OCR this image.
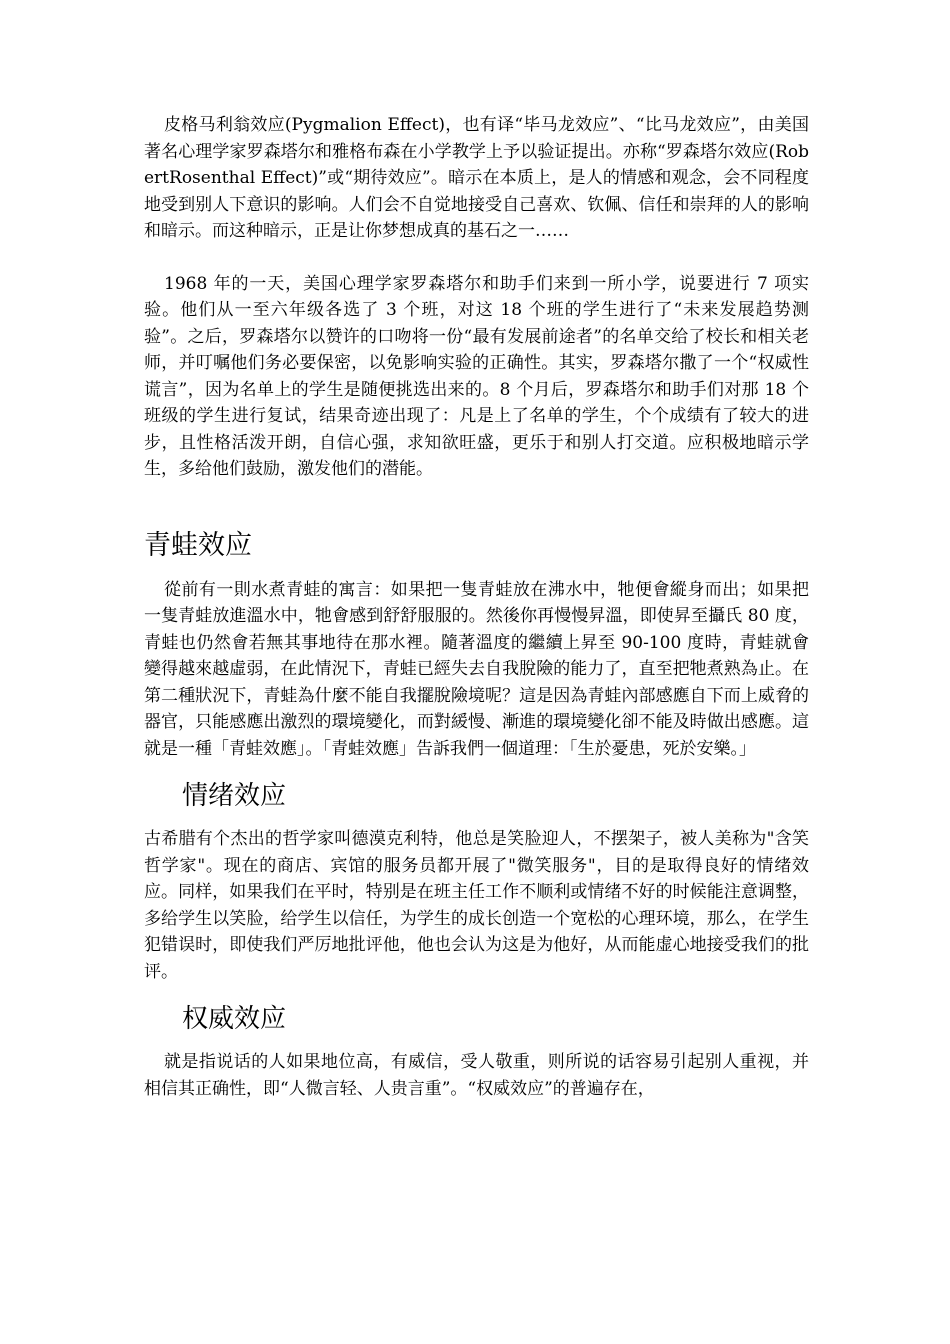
皮格马利翁效应(Pygmalion Effect)，也有译“毕马龙效应”、“比马龙效应”，由美国著名心理学家罗森塔尔和雅格布森在小学教学上予以验证提出。亦称“罗森塔尔效应(RobertRosenthal Effect)”或“期待效应”。暗示在本质上，是人的情感和观念，会不同程度地受到别人下意识的影响。人们会不自觉地接受自己喜欢、钦佩、信任和崇拜的人的影响和暗示。而这种暗示，正是让你梦想成真的基石之一……

1968 年的一天，美国心理学家罗森塔尔和助手们来到一所小学，说要进行 7 项实验。他们从一至六年级各选了 3 个班，对这 18 个班的学生进行了“未来发展趋势测验”。之后，罗森塔尔以赞许的口吻将一份“最有发展前途者”的名单交给了校长和相关老师，并叮嘱他们务必要保密，以免影响实验的正确性。其实，罗森塔尔撒了一个“权威性谎言”，因为名单上的学生是随便挑选出来的。8 个月后，罗森塔尔和助手们对那 18 个班级的学生进行复试，结果奇迹出现了：凡是上了名单的学生，个个成绩有了较大的进步，且性格活泼开朗，自信心强，求知欲旺盛，更乐于和别人打交道。应积极地暗示学生，多给他们鼓励，激发他们的潜能。

青蛙效应

從前有一則水煮青蛙的寓言：如果把一隻青蛙放在沸水中，牠便會縱身而出；如果把一隻青蛙放進溫水中，牠會感到舒舒服服的。然後你再慢慢昇溫，即使昇至攝氏 80 度，青蛙也仍然會若無其事地待在那水裡。隨著溫度的繼續上昇至 90-100 度時，青蛙就會變得越來越虛弱，在此情況下，青蛙已經失去自我脫險的能力了，直至把牠煮熟為止。在第二種狀況下，青蛙為什麼不能自我擺脫險境呢？這是因為青蛙內部感應自下而上威脅的器官，只能感應出激烈的環境變化，而對緩慢、漸進的環境變化卻不能及時做出感應。這就是一種「青蛙效應」。「青蛙效應」告訴我們一個道理：「生於憂患，死於安樂。」

情绪效应

古希腊有个杰出的哲学家叫德漠克利特，他总是笑脸迎人，不摆架子，被人美称为"含笑哲学家"。现在的商店、宾馆的服务员都开展了"微笑服务"，目的是取得良好的情绪效应。同样，如果我们在平时，特别是在班主任工作不顺利或情绪不好的时候能注意调整，多给学生以笑脸，给学生以信任，为学生的成长创造一个宽松的心理环境，那么，在学生犯错误时，即使我们严厉地批评他，他也会认为这是为他好，从而能虚心地接受我们的批评。

权威效应

就是指说话的人如果地位高，有威信，受人敬重，则所说的话容易引起别人重视，并相信其正确性，即“人微言轻、人贵言重”。“权威效应”的普遍存在，
